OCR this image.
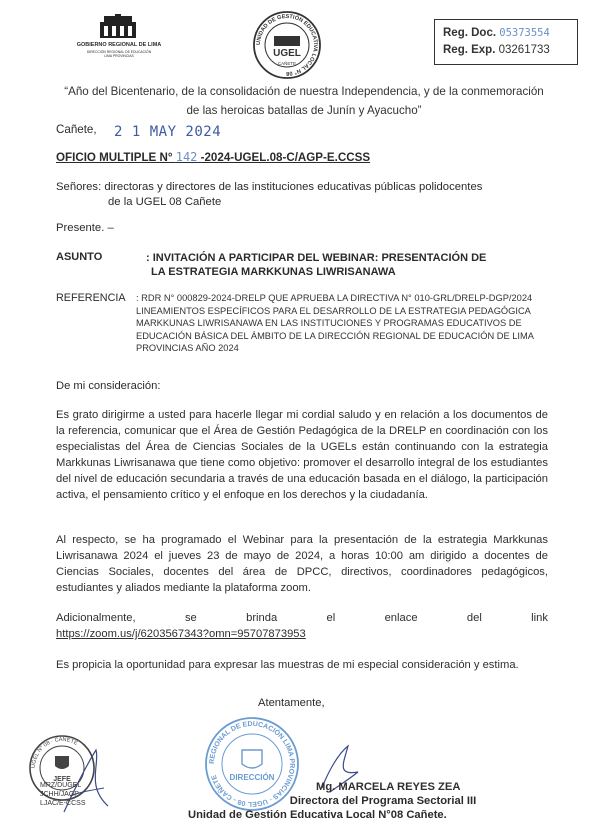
GOBIERNO REGIONAL DE LIMA
DIRECCIÓN REGIONAL DE EDUCACIÓN
LIMA PROVINCIAS
UNIDAD DE GESTIÓN EDUCATIVA LOCAL N° 08
UGEL
CAÑETE
Reg. Doc. 05373554
Reg. Exp. 03261733
“Año del Bicentenario, de la consolidación de nuestra Independencia, y de la conmemoración de las heroicas batallas de Junín y Ayacucho”
Cañete, 2 1 MAY 2024
OFICIO MULTIPLE N° 142 -2024-UGEL.08-C/AGP-E.CCSS
Señores: directoras y directores de las instituciones educativas públicas polidocentes
de la UGEL 08 Cañete
Presente. –
ASUNTO	: INVITACIÓN A PARTICIPAR DEL WEBINAR: PRESENTACIÓN DE
LA ESTRATEGIA MARKKUNAS LIWRISANAWA
REFERENCIA : RDR N° 000829-2024-DRELP QUE APRUEBA LA DIRECTIVA N° 010-GRL/DRELP-DGP/2024 LINEAMIENTOS ESPECÍFICOS PARA EL DESARROLLO DE LA ESTRATEGIA PEDAGÓGICA MARKKUNAS LIWRISANAWA EN LAS INSTITUCIONES Y PROGRAMAS EDUCATIVOS DE EDUCACIÓN BÁSICA DEL ÁMBITO DE LA DIRECCIÓN REGIONAL DE EDUCACIÓN DE LIMA PROVINCIAS AÑO 2024
De mi consideración:
Es grato dirigirme a usted para hacerle llegar mi cordial saludo y en relación a los documentos de la referencia, comunicar que el Área de Gestión Pedagógica de la DRELP en coordinación con los especialistas del Área de Ciencias Sociales de la UGELs están continuando con la estrategia Markkunas Liwrisanawa que tiene como objetivo: promover el desarrollo integral de los estudiantes del nivel de educación secundaria a través de una educación basada en el diálogo, la participación activa, el pensamiento crítico y el enfoque en los derechos y la ciudadanía.
Al respecto, se ha programado el Webinar para la presentación de la estrategia Markkunas Liwrisanawa 2024 el jueves 23 de mayo de 2024, a horas 10:00 am dirigido a docentes de Ciencias Sociales, docentes del área de DPCC, directivos, coordinadores pedagógicos, estudiantes y aliados mediante la plataforma zoom.
Adicionalmente,	se	brinda	el	enlace	del	link
https://zoom.us/j/6203567343?omn=95707873953
Es propicia la oportunidad para expresar las muestras de mi especial consideración y estima.
Atentamente,
REGIONAL DE EDUCACIÓN LIMA PROVINCIAS · UGEL 08 - CAÑETE	DIRECCIÓN
UGEL N° 08 · CAÑETE
JEFE
MRZ/DUGEL
JCHH/JAGP
LJAC/E-CCSS
Mg. MARCELA REYES ZEA
Directora del Programa Sectorial III
Unidad de Gestión Educativa Local N°08 Cañete.
